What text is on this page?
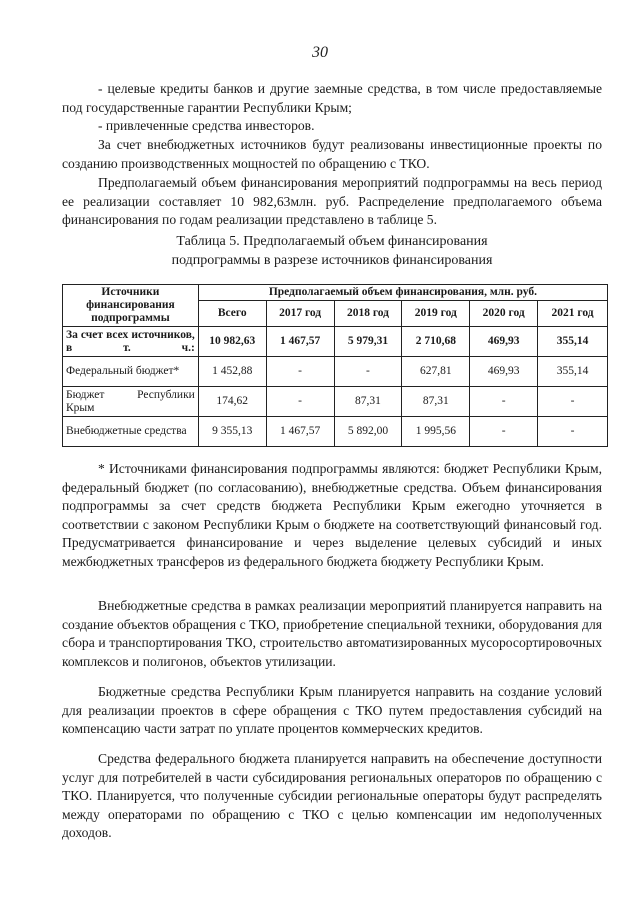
30

- целевые кредиты банков и другие заемные средства, в том числе предоставляемые под государственные гарантии Республики Крым;

- привлеченные средства инвесторов.

За счет внебюджетных источников будут реализованы инвестиционные проекты по созданию производственных мощностей по обращению с ТКО.

Предполагаемый объем финансирования мероприятий подпрограммы на весь период ее реализации составляет 10 982,63млн. руб. Распределение предполагаемого объема финансирования по годам реализации представлено в таблице 5.

Таблица 5. Предполагаемый объем финансирования
подпрограммы в разрезе источников финансирования
Источники финансирования подпрограммы	Предполагаемый объем финансирования, млн. руб.					
	Всего	2017 год	2018 год	2019 год	2020 год	2021 год

За счет всех источников, в т. ч.:	10 982,63	1 467,57	5 979,31	2 710,68	469,93	355,14
Федеральный бюджет*	1 452,88	-	-	627,81	469,93	355,14

Бюджет Республики Крым	174,62	-	87,31	87,31	-	-
Внебюджетные средства	9 355,13	1 467,57	5 892,00	1 995,56	-	-

* Источниками финансирования подпрограммы являются: бюджет Республики Крым, федеральный бюджет (по согласованию), внебюджетные средства. Объем финансирования подпрограммы за счет средств бюджета Республики Крым ежегодно уточняется в соответствии с законом Республики Крым о бюджете на соответствующий финансовый год. Предусматривается финансирование и через выделение целевых субсидий и иных межбюджетных трансферов из федерального бюджета бюджету Республики Крым.

Внебюджетные средства в рамках реализации мероприятий планируется направить на создание объектов обращения с ТКО, приобретение специальной техники, оборудования для сбора и транспортирования ТКО, строительство автоматизированных мусоросортировочных комплексов и полигонов, объектов утилизации.

Бюджетные средства Республики Крым планируется направить на создание условий для реализации проектов в сфере обращения с ТКО путем предоставления субсидий на компенсацию части затрат по уплате процентов коммерческих кредитов.

Средства федерального бюджета планируется направить на обеспечение доступности услуг для потребителей в части субсидирования региональных операторов по обращению с ТКО. Планируется, что полученные субсидии региональные операторы будут распределять между операторами по обращению с ТКО с целью компенсации им недополученных доходов.
